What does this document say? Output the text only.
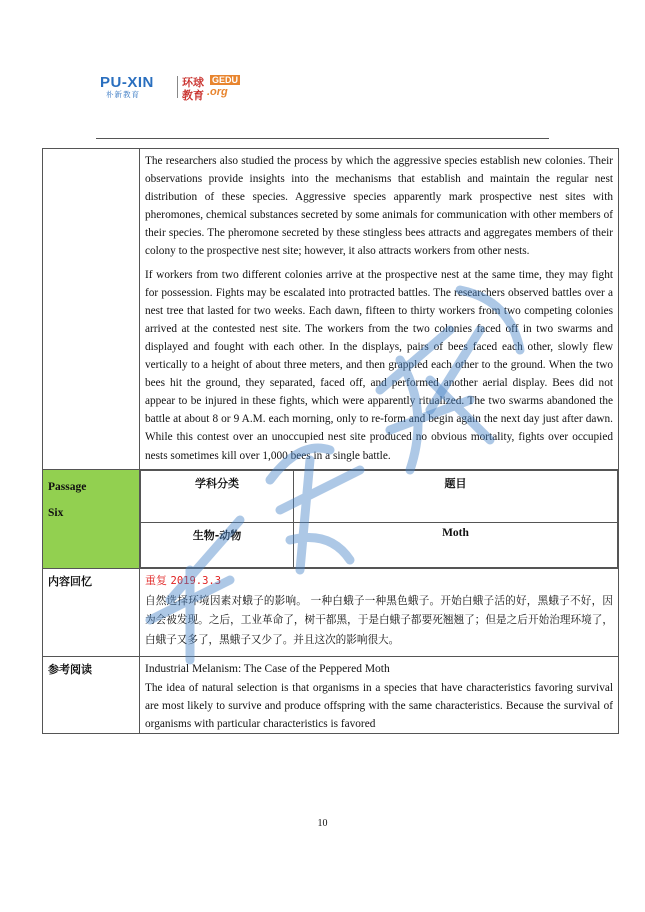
PU-XIN
朴新教育
环球 GEDU
教育 .org

The researchers also studied the process by which the aggressive species establish new colonies. Their observations provide insights into the mechanisms that establish and maintain the regular nest distribution of these species. Aggressive species apparently mark prospective nest sites with pheromones, chemical substances secreted by some animals for communication with other members of their species. The pheromone secreted by these stingless bees attracts and aggregates members of their colony to the prospective nest site; however, it also attracts workers from other nests.

If workers from two different colonies arrive at the prospective nest at the same time, they may fight for possession. Fights may be escalated into protracted battles. The researchers observed battles over a nest tree that lasted for two weeks. Each dawn, fifteen to thirty workers from two competing colonies arrived at the contested nest site. The workers from the two colonies faced off in two swarms and displayed and fought with each other. In the displays, pairs of bees faced each other, slowly flew vertically to a height of about three meters, and then grappled each other to the ground. When the two bees hit the ground, they separated, faced off, and performed another aerial display. Bees did not appear to be injured in these fights, which were apparently ritualized. The two swarms abandoned the battle at about 8 or 9 A.M. each morning, only to re-form and begin again the next day just after dawn. While this contest over an unoccupied nest site produced no obvious mortality, fights over occupied nests sometimes kill over 1,000 bees in a single battle.

Passage
Six

学科分类	题目
生物-动物	Moth

内容回忆	重复 2019.3.3

自然选择环境因素对蛾子的影响。 一种白蛾子一种黑色蛾子。开始白蛾子活的好，黑蛾子不好，因为会被发现。之后，工业革命了，树干都黑，于是白蛾子都要死翘翘了；但是之后开始治理环境了， 白蛾子又多了，黑蛾子又少了。并且这次的影响很大。

参考阅读	Industrial Melanism: The Case of the Peppered Moth

The idea of natural selection is that organisms in a species that have characteristics favoring survival are most likely to survive and produce offspring with the same characteristics. Because the survival of organisms with particular characteristics is favored

10
